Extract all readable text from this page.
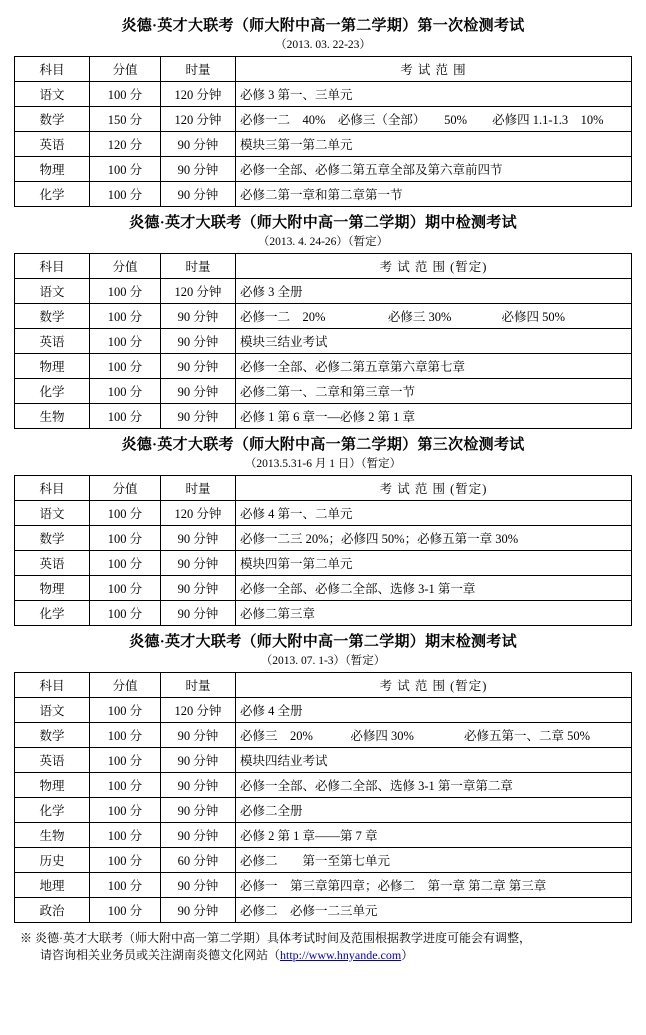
炎德·英才大联考（师大附中高一第二学期）第一次检测考试
（2013. 03. 22-23）
科目	分值	时量	考 试 范 围
语文	100 分	120 分钟	必修 3 第一、三单元
数学	150 分	120 分钟	必修一二　40%　必修三（全部）　　50%　　必修四 1.1-1.3　10%
英语	120 分	90 分钟	模块三第一第二单元
物理	100 分	90 分钟	必修一全部、必修二第五章全部及第六章前四节
化学	100 分	90 分钟	必修二第一章和第二章第一节
炎德·英才大联考（师大附中高一第二学期）期中检测考试
（2013. 4. 24-26）（暂定）
科目	分值	时量	考 试 范 围 (暂定)
语文	100 分	120 分钟	必修 3 全册
数学	100 分	90 分钟	必修一二　20%　　　　　必修三 30%　　　　必修四 50%
英语	100 分	90 分钟	模块三结业考试
物理	100 分	90 分钟	必修一全部、必修二第五章第六章第七章
化学	100 分	90 分钟	必修二第一、二章和第三章一节
生物	100 分	90 分钟	必修 1 第 6 章一—必修 2 第 1 章
炎德·英才大联考（师大附中高一第二学期）第三次检测考试
（2013.5.31-6 月 1 日）（暂定）
科目	分值	时量	考 试 范 围 (暂定)
语文	100 分	120 分钟	必修 4 第一、二单元
数学	100 分	90 分钟	必修一二三 20%；必修四 50%；必修五第一章 30%
英语	100 分	90 分钟	模块四第一第二单元
物理	100 分	90 分钟	必修一全部、必修二全部、选修 3-1 第一章
化学	100 分	90 分钟	必修二第三章
炎德·英才大联考（师大附中高一第二学期）期末检测考试
（2013. 07. 1-3）（暂定）
科目	分值	时量	考 试 范 围 (暂定)
语文	100 分	120 分钟	必修 4 全册
数学	100 分	90 分钟	必修三　20%　　　必修四 30%　　　　必修五第一、二章 50%
英语	100 分	90 分钟	模块四结业考试
物理	100 分	90 分钟	必修一全部、必修二全部、选修 3-1 第一章第二章
化学	100 分	90 分钟	必修二全册
生物	100 分	90 分钟	必修 2 第 1 章——第 7 章
历史	100 分	60 分钟	必修二　　第一至第七单元
地理	100 分	90 分钟	必修一　第三章第四章；必修二　第一章 第二章 第三章
政治	100 分	90 分钟	必修二　必修一二三单元
※ 炎德·英才大联考（师大附中高一第二学期）具体考试时间及范围根据教学进度可能会有调整，
请咨询相关业务员或关注湖南炎德文化网站（http://www.hnyande.com）
